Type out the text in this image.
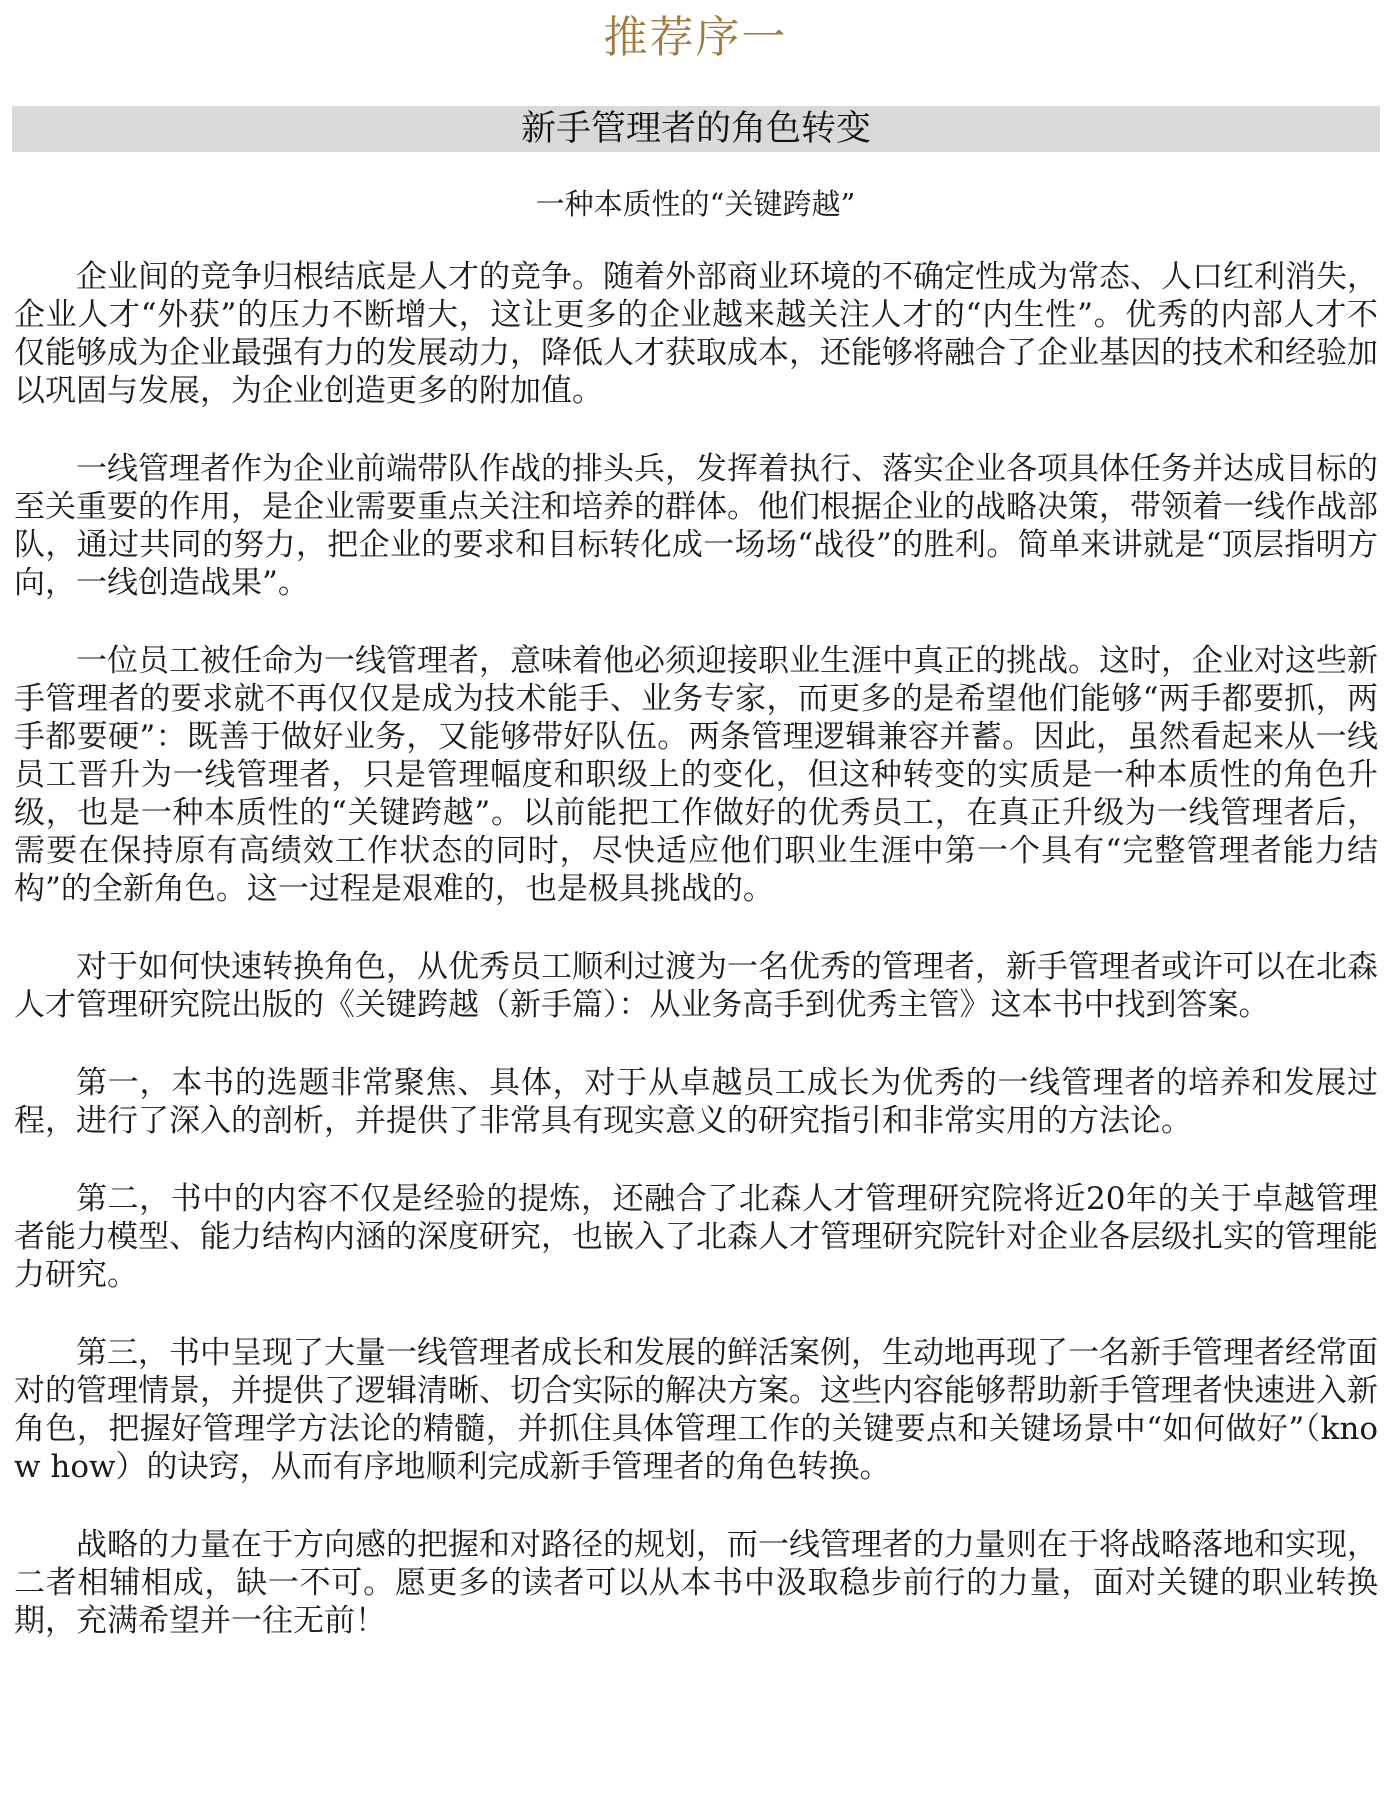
推荐序一
新手管理者的角色转变
一种本质性的“关键跨越”

企业间的竞争归根结底是人才的竞争。随着外部商业环境的不确定性成为常态、人口红利消失，企业人才“外获”的压力不断增大，这让更多的企业越来越关注人才的“内生性”。优秀的内部人才不仅能够成为企业最强有力的发展动力，降低人才获取成本，还能够将融合了企业基因的技术和经验加以巩固与发展，为企业创造更多的附加值。

一线管理者作为企业前端带队作战的排头兵，发挥着执行、落实企业各项具体任务并达成目标的至关重要的作用，是企业需要重点关注和培养的群体。他们根据企业的战略决策，带领着一线作战部队，通过共同的努力，把企业的要求和目标转化成一场场“战役”的胜利。简单来讲就是“顶层指明方向，一线创造战果”。

一位员工被任命为一线管理者，意味着他必须迎接职业生涯中真正的挑战。这时，企业对这些新手管理者的要求就不再仅仅是成为技术能手、业务专家，而更多的是希望他们能够“两手都要抓，两手都要硬”：既善于做好业务，又能够带好队伍。两条管理逻辑兼容并蓄。因此，虽然看起来从一线员工晋升为一线管理者，只是管理幅度和职级上的变化，但这种转变的实质是一种本质性的角色升级，也是一种本质性的“关键跨越”。以前能把工作做好的优秀员工，在真正升级为一线管理者后，需要在保持原有高绩效工作状态的同时，尽快适应他们职业生涯中第一个具有“完整管理者能力结构”的全新角色。这一过程是艰难的，也是极具挑战的。

对于如何快速转换角色，从优秀员工顺利过渡为一名优秀的管理者，新手管理者或许可以在北森人才管理研究院出版的《关键跨越（新手篇）：从业务高手到优秀主管》这本书中找到答案。

第一，本书的选题非常聚焦、具体，对于从卓越员工成长为优秀的一线管理者的培养和发展过程，进行了深入的剖析，并提供了非常具有现实意义的研究指引和非常实用的方法论。

第二，书中的内容不仅是经验的提炼，还融合了北森人才管理研究院将近20年的关于卓越管理者能力模型、能力结构内涵的深度研究，也嵌入了北森人才管理研究院针对企业各层级扎实的管理能力研究。

第三，书中呈现了大量一线管理者成长和发展的鲜活案例，生动地再现了一名新手管理者经常面对的管理情景，并提供了逻辑清晰、切合实际的解决方案。这些内容能够帮助新手管理者快速进入新角色，把握好管理学方法论的精髓，并抓住具体管理工作的关键要点和关键场景中“如何做好”（know how）的诀窍，从而有序地顺利完成新手管理者的角色转换。

战略的力量在于方向感的把握和对路径的规划，而一线管理者的力量则在于将战略落地和实现，二者相辅相成，缺一不可。愿更多的读者可以从本书中汲取稳步前行的力量，面对关键的职业转换期，充满希望并一往无前！
